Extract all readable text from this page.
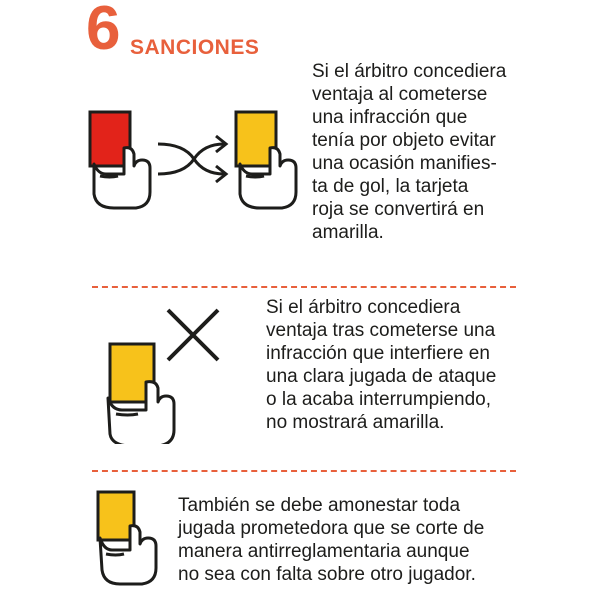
6 SANCIONES

Si el árbitro concediera
ventaja al cometerse
una infracción que
tenía por objeto evitar
una ocasión manifies-
ta de gol, la tarjeta
roja se convertirá en
amarilla.

Si el árbitro concediera
ventaja tras cometerse una
infracción que interfiere en
una clara jugada de ataque
o la acaba interrumpiendo,
no mostrará amarilla.

También se debe amonestar toda
jugada prometedora que se corte de
manera antirreglamentaria aunque
no sea con falta sobre otro jugador.
